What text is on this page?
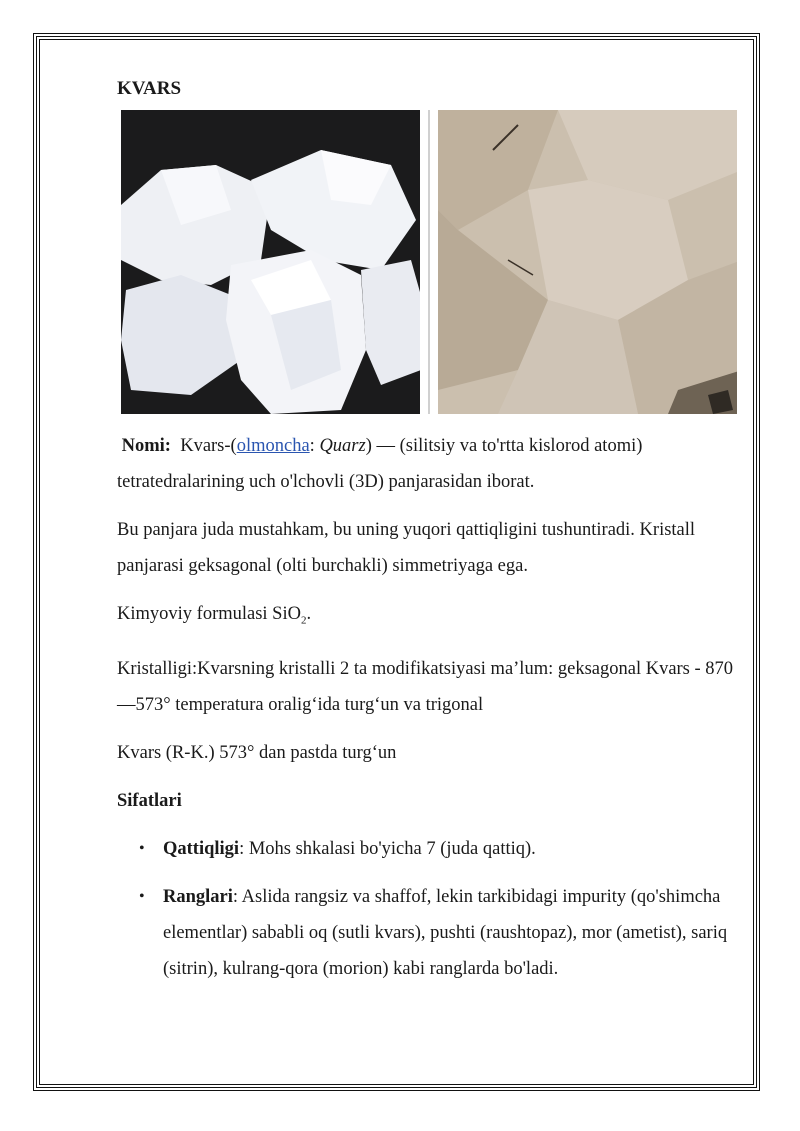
KVARS

Nomi: Kvars-(olmoncha: Quarz) — (silitsiy va to'rtta kislorod atomi) tetratedralarining uch o'lchovli (3D) panjarasidan iborat.

Bu panjara juda mustahkam, bu uning yuqori qattiqligini tushuntiradi. Kristall panjarasi geksagonal (olti burchakli) simmetriyaga ega.

Kimyoviy formulasi SiO$_2$.

Kristalligi:Kvarsning kristalli 2 ta modifikatsiyasi ma’lum: geksagonal Kvars - 870—573° temperatura oralig‘ida turg‘un va trigonal

Kvars (R-K.) 573° dan pastda turg‘un

Sifatlari
• Qattiqligi: Mohs shkalasi bo'yicha 7 (juda qattiq).
• Ranglari: Aslida rangsiz va shaffof, lekin tarkibidagi impurity (qo'shimcha elementlar) sababli oq (sutli kvars), pushti (raushtopaz), mor (ametist), sariq (sitrin), kulrang-qora (morion) kabi ranglarda bo'ladi.
